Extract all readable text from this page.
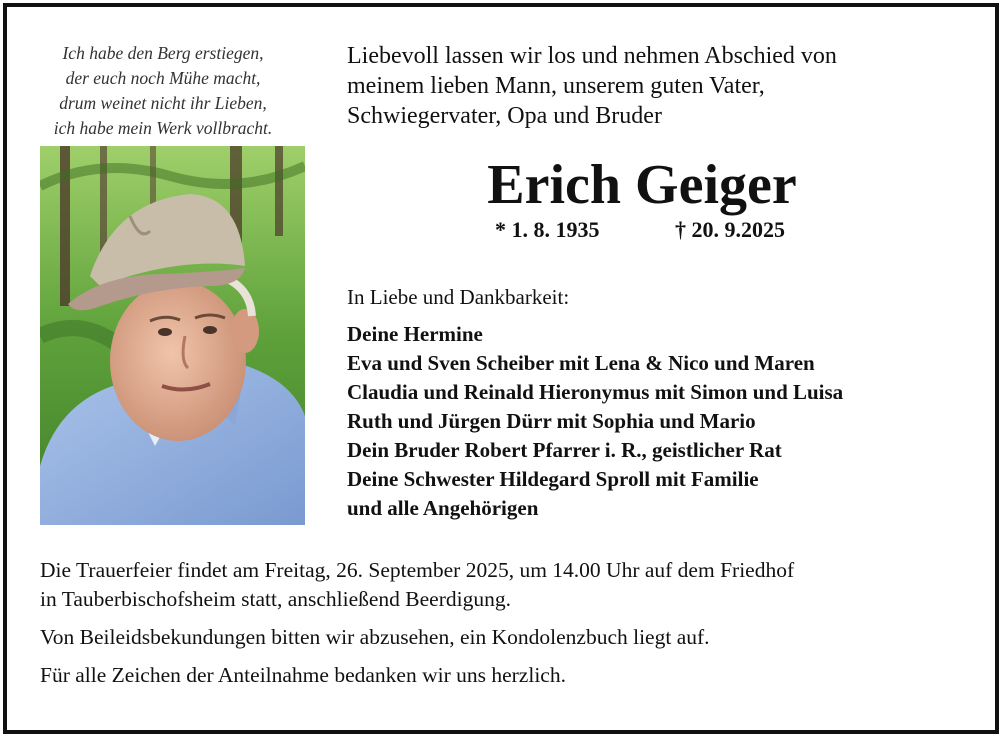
Ich habe den Berg erstiegen,
der euch noch Mühe macht,
drum weinet nicht ihr Lieben,
ich habe mein Werk vollbracht.
Liebevoll lassen wir los und nehmen Abschied von
meinem lieben Mann, unserem guten Vater,
Schwiegervater, Opa und Bruder
Erich Geiger
* 1. 8. 1935	† 20. 9.2025
In Liebe und Dankbarkeit:
Deine Hermine
Eva und Sven Scheiber mit Lena & Nico und Maren
Claudia und Reinald Hieronymus mit Simon und Luisa
Ruth und Jürgen Dürr mit Sophia und Mario
Dein Bruder Robert Pfarrer i. R., geistlicher Rat
Deine Schwester Hildegard Sproll mit Familie
und alle Angehörigen

Die Trauerfeier findet am Freitag, 26. September 2025, um 14.00 Uhr auf dem Friedhof
in Tauberbischofsheim statt, anschließend Beerdigung.

Von Beileidsbekundungen bitten wir abzusehen, ein Kondolenzbuch liegt auf.

Für alle Zeichen der Anteilnahme bedanken wir uns herzlich.
